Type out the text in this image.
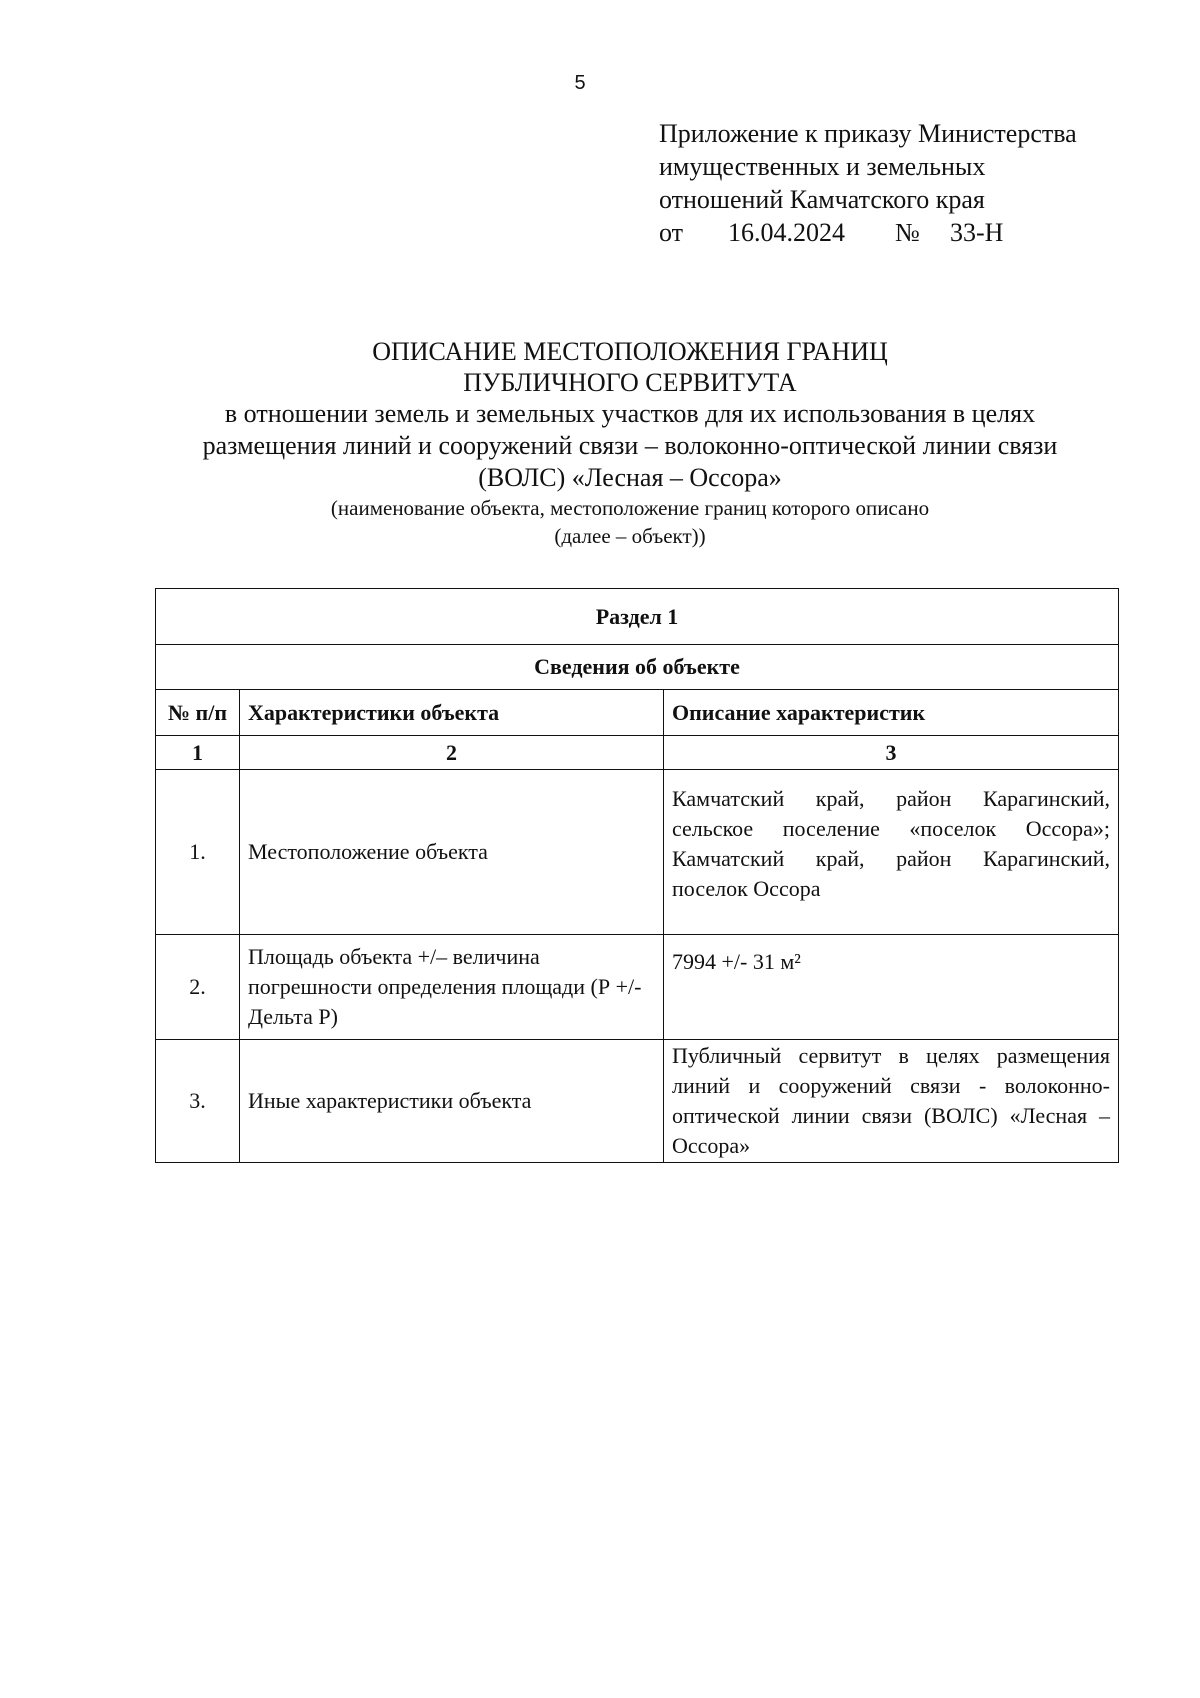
5
Приложение к приказу Министерства
имущественных и земельных
отношений Камчатского края
от 16.04.2024 № 33-Н
ОПИСАНИЕ МЕСТОПОЛОЖЕНИЯ ГРАНИЦ
ПУБЛИЧНОГО СЕРВИТУТА
в отношении земель и земельных участков для их использования в целях
размещения линий и сооружений связи – волоконно-оптической линии связи
(ВОЛС) «Лесная – Оссора»
(наименование объекта, местоположение границ которого описано
(далее – объект))
Раздел 1		
Сведения об объекте		
№ п/п	Характеристики объекта	Описание характеристик
1	2	3
1.	Местоположение объекта	Камчатский край, район Карагинский, сельское поселение «поселок Оссора»; Камчатский край, район Карагинский, поселок Оссора
2.	Площадь объекта +/– величина погрешности определения площади (Р +/- Дельта Р)	7994 +/- 31 м²
3.	Иные характеристики объекта	Публичный сервитут в целях размещения линий и сооружений связи - волоконно-оптической линии связи (ВОЛС) «Лесная – Оссора»
